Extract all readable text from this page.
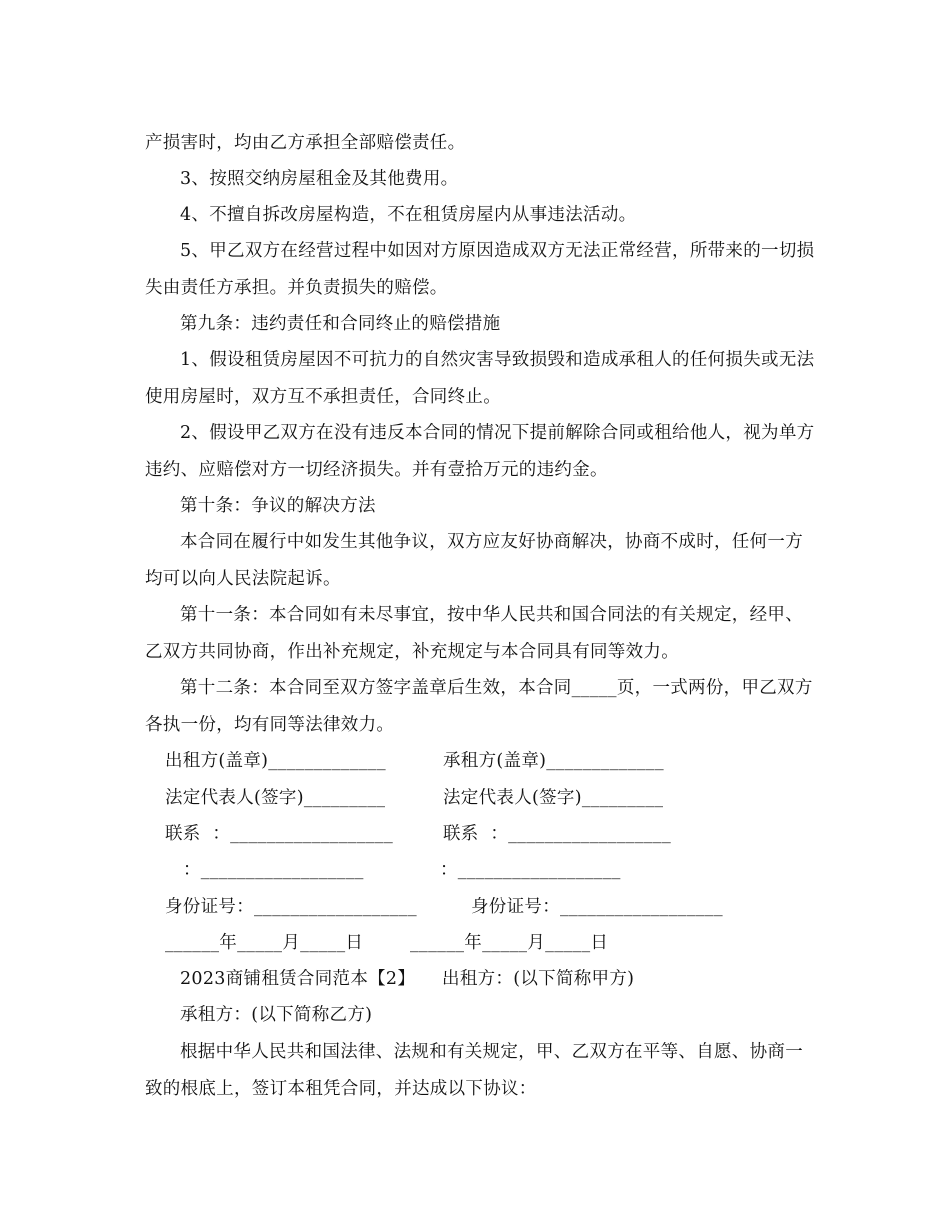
产损害时，均由乙方承担全部赔偿责任。

3、按照交纳房屋租金及其他费用。

4、不擅自拆改房屋构造，不在租赁房屋内从事违法活动。

5、甲乙双方在经营过程中如因对方原因造成双方无法正常经营，所带来的一切损失由责任方承担。并负责损失的赔偿。

第九条：违约责任和合同终止的赔偿措施

1、假设租赁房屋因不可抗力的自然灾害导致损毁和造成承租人的任何损失或无法使用房屋时，双方互不承担责任，合同终止。

2、假设甲乙双方在没有违反本合同的情况下提前解除合同或租给他人，视为单方违约、应赔偿对方一切经济损失。并有壹拾万元的违约金。

第十条：争议的解决方法

本合同在履行中如发生其他争议，双方应友好协商解决，协商不成时，任何一方均可以向人民法院起诉。

第十一条：本合同如有未尽事宜，按中华人民共和国合同法的有关规定，经甲、乙双方共同协商，作出补充规定，补充规定与本合同具有同等效力。

第十二条：本合同至双方签字盖章后生效，本合同_____页，一式两份，甲乙双方各执一份，均有同等法律效力。

出租方(盖章)_____________	承租方(盖章)_____________

法定代表人(签字)_________	法定代表人(签字)_________

联系  ：__________________	联系  ：__________________

：__________________	：__________________

身份证号：__________________	身份证号：__________________

______年_____月_____日	______年_____月_____日

2023商铺租赁合同范本【2】　　出租方：(以下简称甲方)

承租方：(以下简称乙方)

根据中华人民共和国法律、法规和有关规定，甲、乙双方在平等、自愿、协商一致的根底上，签订本租凭合同，并达成以下协议：
